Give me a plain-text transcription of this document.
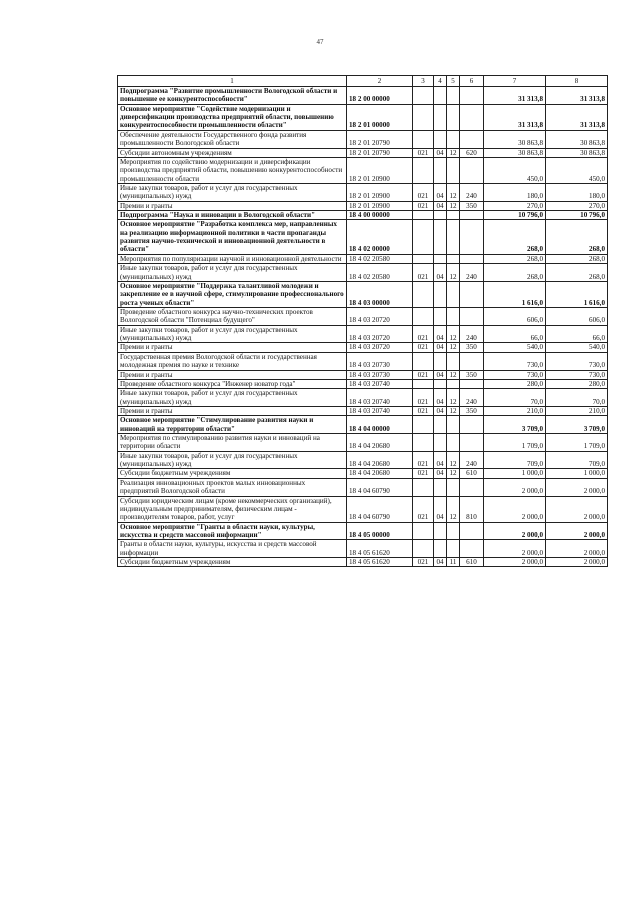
47
1	2	3	4	5	6	7	8
Подпрограмма "Развитие промышленности Вологодской области и повышение ее конкурентоспособности"	18 2 00 00000					31 313,8	31 313,8
Основное мероприятие "Содействие модернизации и диверсификации производства предприятий области, повышению конкурентоспособности промышленности области"	18 2 01 00000					31 313,8	31 313,8
Обеспечение деятельности Государственного фонда развития промышленности Вологодской области	18 2 01 20790					30 863,8	30 863,8
Субсидии автономным учреждениям	18 2 01 20790	021	04	12	620	30 863,8	30 863,8
Мероприятия по содействию модернизации и диверсификации производства предприятий области, повышению конкурентоспособности промышленности области	18 2 01 20900					450,0	450,0
Иные закупки товаров, работ и услуг для государственных (муниципальных) нужд	18 2 01 20900	021	04	12	240	180,0	180,0
Премии и гранты	18 2 01 20900	021	04	12	350	270,0	270,0
Подпрограмма "Наука и инновации в Вологодской области"	18 4 00 00000					10 796,0	10 796,0
Основное мероприятие "Разработка комплекса мер, направленных на реализацию информационной политики в части пропаганды развития научно-технической и инновационной деятельности в области"	18 4 02 00000					268,0	268,0
Мероприятия по популяризации научной и инновационной деятельности	18 4 02 20580					268,0	268,0
Иные закупки товаров, работ и услуг для государственных (муниципальных) нужд	18 4 02 20580	021	04	12	240	268,0	268,0
Основное мероприятие "Поддержка талантливой молодежи и закрепление ее в научной сфере, стимулирование профессионального роста ученых области"	18 4 03 00000					1 616,0	1 616,0
Проведение областного конкурса научно-технических проектов Вологодской области "Потенциал будущего"	18 4 03 20720					606,0	606,0
Иные закупки товаров, работ и услуг для государственных (муниципальных) нужд	18 4 03 20720	021	04	12	240	66,0	66,0
Премии и гранты	18 4 03 20720	021	04	12	350	540,0	540,0
Государственная премия Вологодской области и государственная молодежная премия по науке и технике	18 4 03 20730					730,0	730,0
Премии и гранты	18 4 03 20730	021	04	12	350	730,0	730,0
Проведение областного конкурса "Инженер новатор года"	18 4 03 20740					280,0	280,0
Иные закупки товаров, работ и услуг для государственных (муниципальных) нужд	18 4 03 20740	021	04	12	240	70,0	70,0
Премии и гранты	18 4 03 20740	021	04	12	350	210,0	210,0
Основное мероприятие "Стимулирование развития науки и инноваций на территории области"	18 4 04 00000					3 709,0	3 709,0
Мероприятия по стимулированию развития науки и инноваций на территории области	18 4 04 20680					1 709,0	1 709,0
Иные закупки товаров, работ и услуг для государственных (муниципальных) нужд	18 4 04 20680	021	04	12	240	709,0	709,0
Субсидии бюджетным учреждениям	18 4 04 20680	021	04	12	610	1 000,0	1 000,0
Реализация инновационных проектов малых инновационных предприятий Вологодской области	18 4 04 60790					2 000,0	2 000,0
Субсидии юридическим лицам (кроме некоммерческих организаций), индивидуальным предпринимателям, физическим лицам - производителям товаров, работ, услуг	18 4 04 60790	021	04	12	810	2 000,0	2 000,0
Основное мероприятие "Гранты в области науки, культуры, искусства и средств массовой информации"	18 4 05 00000					2 000,0	2 000,0
Гранты в области науки, культуры, искусства и средств массовой информации	18 4 05 61620					2 000,0	2 000,0
Субсидии бюджетным учреждениям	18 4 05 61620	021	04	11	610	2 000,0	2 000,0
